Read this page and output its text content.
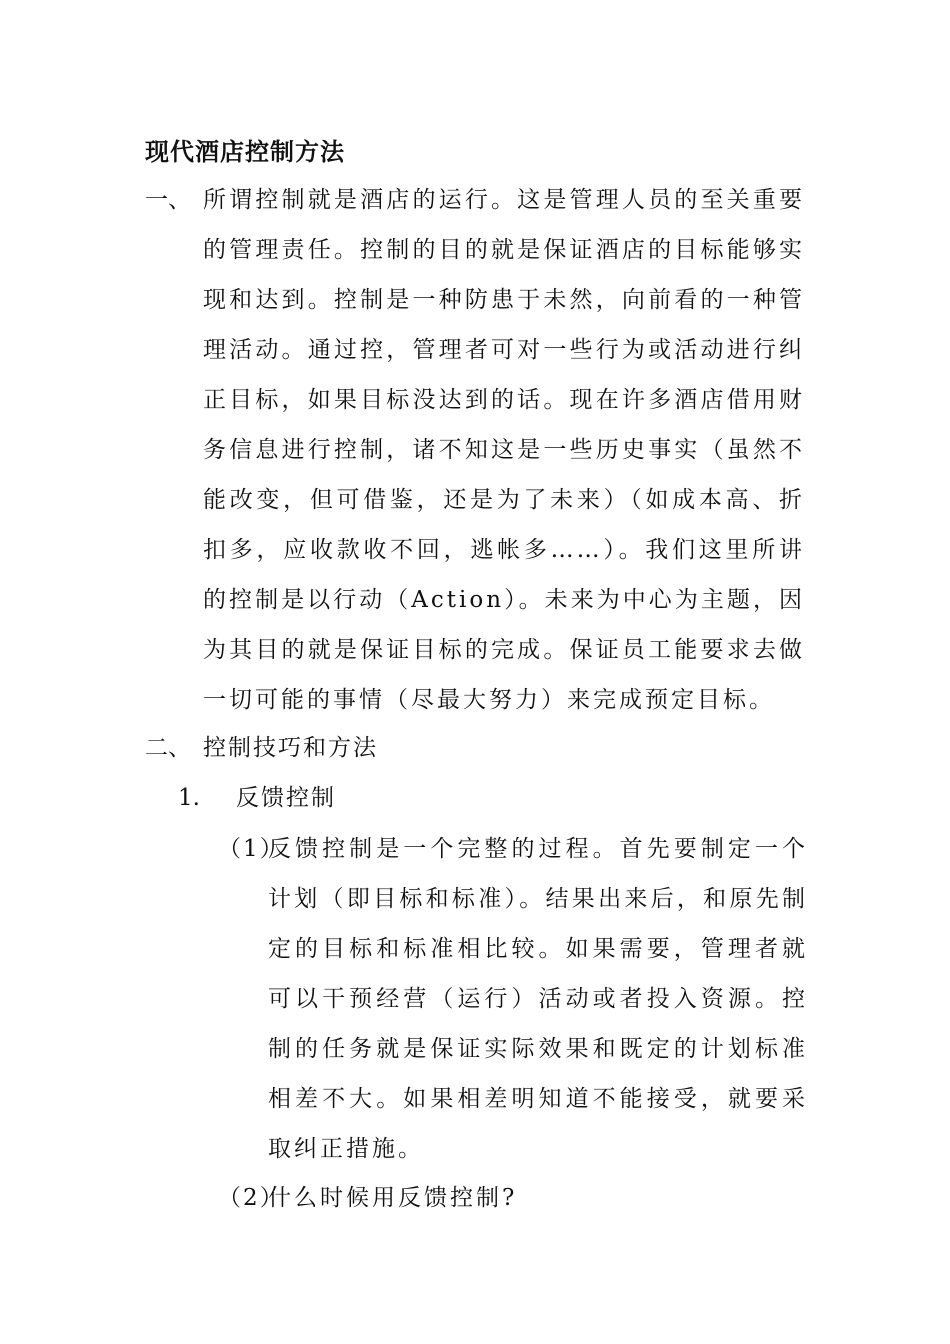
现代酒店控制方法
一、 所谓控制就是酒店的运行。这是管理人员的至关重要的管理责任。控制的目的就是保证酒店的目标能够实现和达到。控制是一种防患于未然，向前看的一种管理活动。通过控，管理者可对一些行为或活动进行纠正目标，如果目标没达到的话。现在许多酒店借用财务信息进行控制，诸不知这是一些历史事实（虽然不能改变，但可借鉴，还是为了未来）（如成本高、折扣多，应收款收不回，逃帐多……）。我们这里所讲的控制是以行动（Action）。未来为中心为主题，因为其目的就是保证目标的完成。保证员工能要求去做一切可能的事情（尽最大努力）来完成预定目标。
二、 控制技巧和方法
1. 反馈控制
（1）
反馈控制是一个完整的过程。首先要制定一个计划（即目标和标准）。结果出来后，和原先制定的目标和标准相比较。如果需要，管理者就可以干预经营（运行）活动或者投入资源。控制的任务就是保证实际效果和既定的计划标准相差不大。如果相差明知道不能接受，就要采取纠正措施。
（2）
什么时候用反馈控制?
